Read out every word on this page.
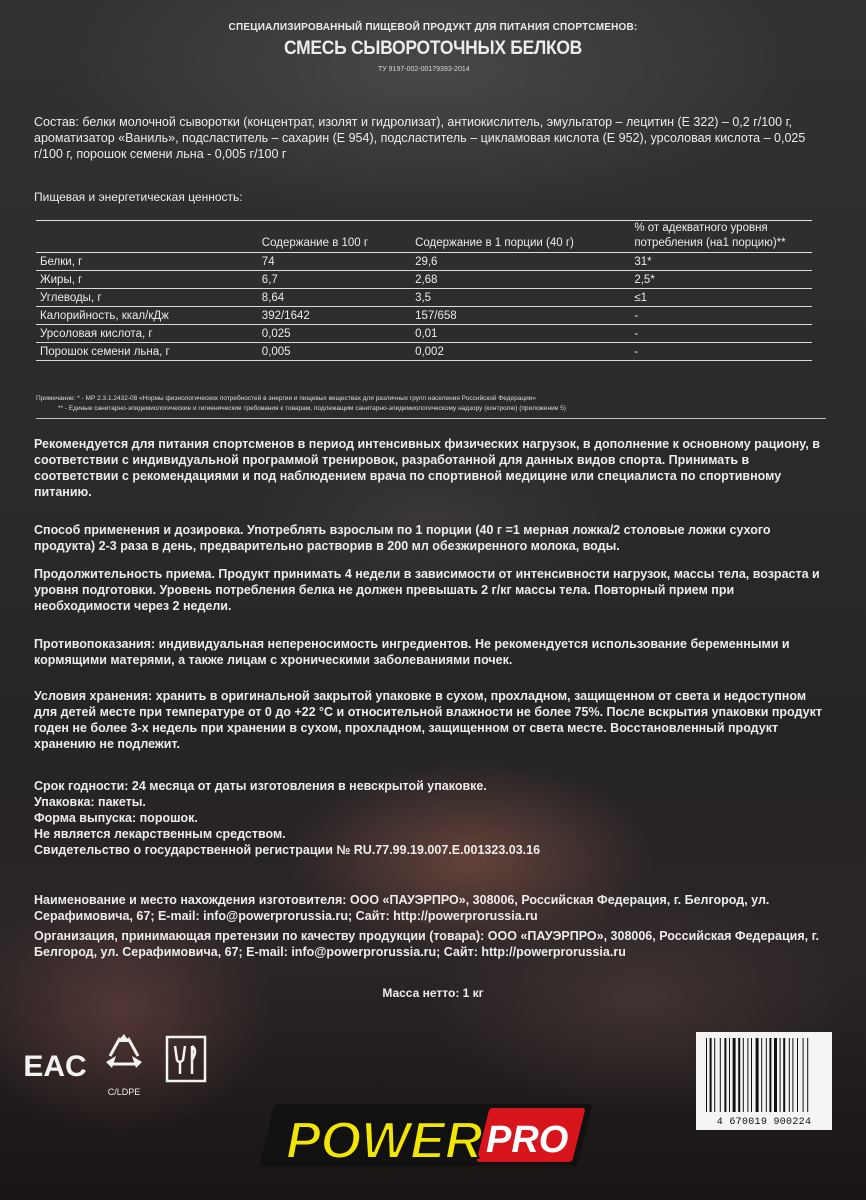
СПЕЦИАЛИЗИРОВАННЫЙ ПИЩЕВОЙ ПРОДУКТ ДЛЯ ПИТАНИЯ СПОРТСМЕНОВ:
СМЕСЬ СЫВОРОТОЧНЫХ БЕЛКОВ
ТУ 9197-002-00179393-2014
Состав: белки молочной сыворотки (концентрат, изолят и гидролизат), антиокислитель, эмульгатор – лецитин (Е 322) – 0,2 г/100 г, ароматизатор «Ваниль», подсластитель – сахарин (Е 954), подсластитель – цикламовая кислота (Е 952), урсоловая кислота – 0,025 г/100 г, порошок семени льна - 0,005 г/100 г
Пищевая и энергетическая ценность:
	Содержание в 100 г	Содержание в 1 порции (40 г)	% от адекватного уровня потребления (на1 порцию)**
Белки, г	74	29,6	31*
Жиры, г	6,7	2,68	2,5*
Углеводы, г	8,64	3,5	≤1
Калорийность, ккал/кДж	392/1642	157/658	-
Урсоловая кислота, г	0,025	0,01	-
Порошок семени льна, г	0,005	0,002	-
Примечание: * - МР 2.3.1.2432-08 «Нормы физиологических потребностей в энергии и пищевых веществах для различных групп населения Российской Федерации»
** - Единые санитарно-эпидемиологические и гигиенические требования к товарам, подлежащим санитарно-эпидемиологическому надзору (контролю) (приложение 5)
Рекомендуется для питания спортсменов в период интенсивных физических нагрузок, в дополнение к основному рациону, в соответствии с индивидуальной программой тренировок, разработанной для данных видов спорта. Принимать в соответствии с рекомендациями и под наблюдением врача по спортивной медицине или специалиста по спортивному питанию.
Способ применения и дозировка. Употреблять взрослым по 1 порции (40 г =1 мерная ложка/2 столовые ложки сухого продукта) 2-3 раза в день, предварительно растворив в 200 мл обезжиренного молока, воды.
Продолжительность приема. Продукт принимать 4 недели в зависимости от интенсивности нагрузок, массы тела, возраста и уровня подготовки. Уровень потребления белка не должен превышать 2 г/кг массы тела. Повторный прием при необходимости через 2 недели.
Противопоказания: индивидуальная непереносимость ингредиентов. Не рекомендуется использование беременными и кормящими матерями, а также лицам с хроническими заболеваниями почек.
Условия хранения: хранить в оригинальной закрытой упаковке в сухом, прохладном, защищенном от света и недоступном для детей месте при температуре от 0 до +22 °С и относительной влажности не более 75%. После вскрытия упаковки продукт годен не более 3-х недель при хранении в сухом, прохладном, защищенном от света месте. Восстановленный продукт хранению не подлежит.
Срок годности: 24 месяца от даты изготовления в невскрытой упаковке.
Упаковка: пакеты.
Форма выпуска: порошок.
Не является лекарственным средством.
Свидетельство о государственной регистрации № RU.77.99.19.007.Е.001323.03.16
Наименование и место нахождения изготовителя: ООО «ПАУЭРПРО», 308006, Российская Федерация, г. Белгород, ул. Серафимовича, 67; E-mail: info@powerprorussia.ru; Сайт: http://powerprorussia.ru
Организация, принимающая претензии по качеству продукции (товара): ООО «ПАУЭРПРО», 308006, Российская Федерация, г. Белгород, ул. Серафимовича, 67; E-mail: info@powerprorussia.ru; Сайт: http://powerprorussia.ru
Масса нетто: 1 кг
EAC
C/LDPE
4 670019 900224
POWER PRO
